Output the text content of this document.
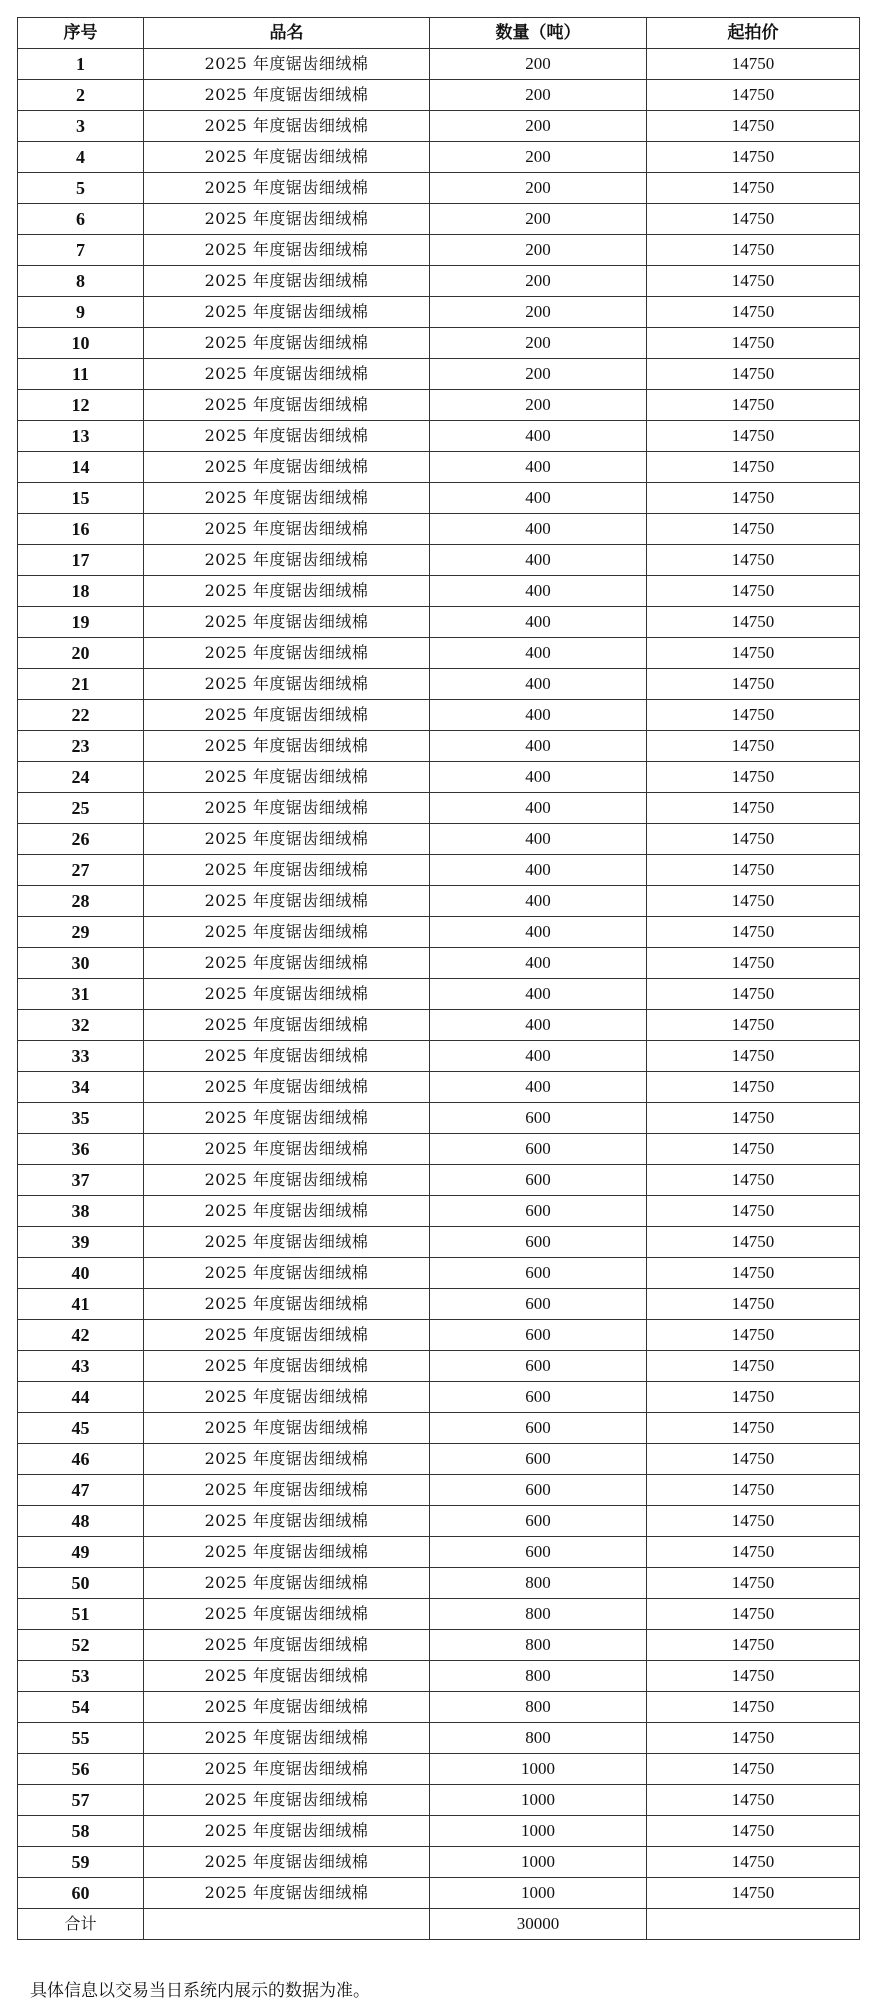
序号	品名	数量（吨）	起拍价
1	2025 年度锯齿细绒棉	200	14750
2	2025 年度锯齿细绒棉	200	14750
3	2025 年度锯齿细绒棉	200	14750
4	2025 年度锯齿细绒棉	200	14750
5	2025 年度锯齿细绒棉	200	14750
6	2025 年度锯齿细绒棉	200	14750
7	2025 年度锯齿细绒棉	200	14750
8	2025 年度锯齿细绒棉	200	14750
9	2025 年度锯齿细绒棉	200	14750
10	2025 年度锯齿细绒棉	200	14750
11	2025 年度锯齿细绒棉	200	14750
12	2025 年度锯齿细绒棉	200	14750
13	2025 年度锯齿细绒棉	400	14750
14	2025 年度锯齿细绒棉	400	14750
15	2025 年度锯齿细绒棉	400	14750
16	2025 年度锯齿细绒棉	400	14750
17	2025 年度锯齿细绒棉	400	14750
18	2025 年度锯齿细绒棉	400	14750
19	2025 年度锯齿细绒棉	400	14750
20	2025 年度锯齿细绒棉	400	14750
21	2025 年度锯齿细绒棉	400	14750
22	2025 年度锯齿细绒棉	400	14750
23	2025 年度锯齿细绒棉	400	14750
24	2025 年度锯齿细绒棉	400	14750
25	2025 年度锯齿细绒棉	400	14750
26	2025 年度锯齿细绒棉	400	14750
27	2025 年度锯齿细绒棉	400	14750
28	2025 年度锯齿细绒棉	400	14750
29	2025 年度锯齿细绒棉	400	14750
30	2025 年度锯齿细绒棉	400	14750
31	2025 年度锯齿细绒棉	400	14750
32	2025 年度锯齿细绒棉	400	14750
33	2025 年度锯齿细绒棉	400	14750
34	2025 年度锯齿细绒棉	400	14750
35	2025 年度锯齿细绒棉	600	14750
36	2025 年度锯齿细绒棉	600	14750
37	2025 年度锯齿细绒棉	600	14750
38	2025 年度锯齿细绒棉	600	14750
39	2025 年度锯齿细绒棉	600	14750
40	2025 年度锯齿细绒棉	600	14750
41	2025 年度锯齿细绒棉	600	14750
42	2025 年度锯齿细绒棉	600	14750
43	2025 年度锯齿细绒棉	600	14750
44	2025 年度锯齿细绒棉	600	14750
45	2025 年度锯齿细绒棉	600	14750
46	2025 年度锯齿细绒棉	600	14750
47	2025 年度锯齿细绒棉	600	14750
48	2025 年度锯齿细绒棉	600	14750
49	2025 年度锯齿细绒棉	600	14750
50	2025 年度锯齿细绒棉	800	14750
51	2025 年度锯齿细绒棉	800	14750
52	2025 年度锯齿细绒棉	800	14750
53	2025 年度锯齿细绒棉	800	14750
54	2025 年度锯齿细绒棉	800	14750
55	2025 年度锯齿细绒棉	800	14750
56	2025 年度锯齿细绒棉	1000	14750
57	2025 年度锯齿细绒棉	1000	14750
58	2025 年度锯齿细绒棉	1000	14750
59	2025 年度锯齿细绒棉	1000	14750
60	2025 年度锯齿细绒棉	1000	14750
合计		30000	
具体信息以交易当日系统内展示的数据为准。
